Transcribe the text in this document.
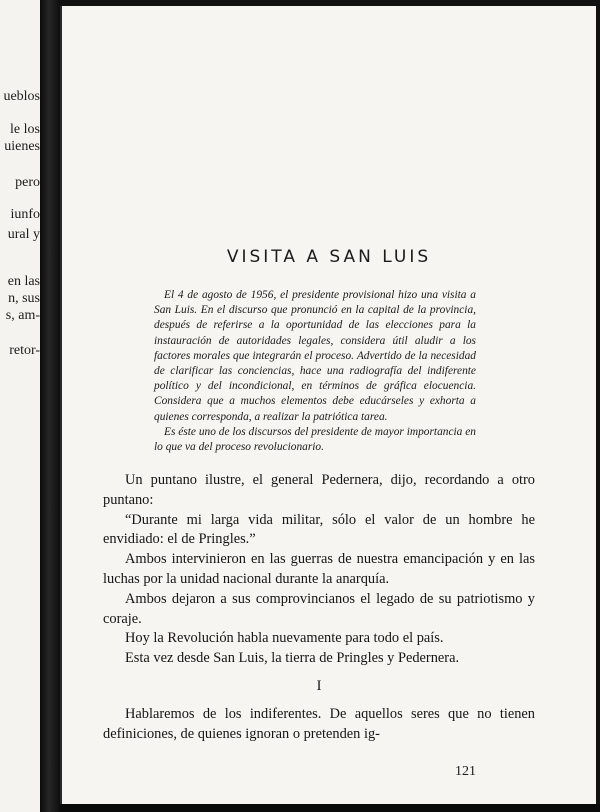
ueblos
le los
uienes
pero
iunfo
ural y
en las
n, sus
s, am-
retor-
VISITA A SAN LUIS

El 4 de agosto de 1956, el presidente provisional hizo una visita a San Luis. En el discurso que pronunció en la capital de la provincia, después de referirse a la oportunidad de las elecciones para la instauración de autoridades legales, considera útil aludir a los factores morales que integrarán el proceso. Advertido de la necesidad de clarificar las conciencias, hace una radiografía del indiferente político y del incondicional, en términos de gráfica elocuencia. Considera que a muchos elementos debe educárseles y exhorta a quienes corresponda, a realizar la patriótica tarea.

Es éste uno de los discursos del presidente de mayor importancia en lo que va del proceso revolucionario.

Un puntano ilustre, el general Pedernera, dijo, recordando a otro puntano:

“Durante mi larga vida militar, sólo el valor de un hombre he envidiado: el de Pringles.”

Ambos intervinieron en las guerras de nuestra emancipación y en las luchas por la unidad nacional durante la anarquía.

Ambos dejaron a sus comprovincianos el legado de su patriotismo y coraje.

Hoy la Revolución habla nuevamente para todo el país.

Esta vez desde San Luis, la tierra de Pringles y Pedernera.

I

Hablaremos de los indiferentes. De aquellos seres que no tienen definiciones, de quienes ignoran o pretenden ig-

121
